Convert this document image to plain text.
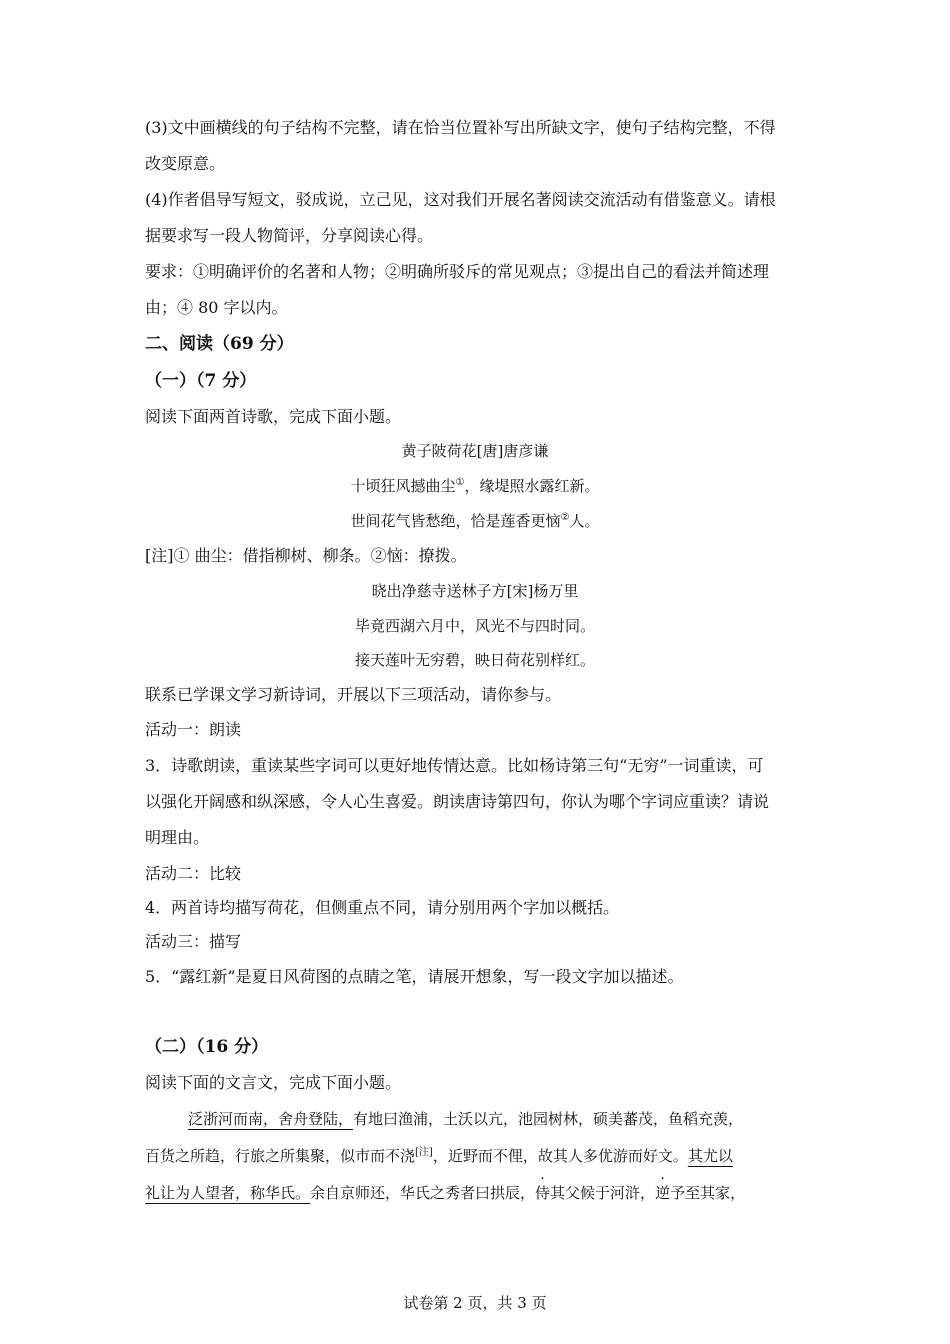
(3)文中画横线的句子结构不完整，请在恰当位置补写出所缺文字，使句子结构完整，不得
改变原意。
(4)作者倡导写短文，驳成说，立己见，这对我们开展名著阅读交流活动有借鉴意义。请根
据要求写一段人物简评，分享阅读心得。
要求：①明确评价的名著和人物；②明确所驳斥的常见观点；③提出自己的看法并简述理
由；④ 80 字以内。
二、阅读（69 分）
（一）（7 分）
阅读下面两首诗歌，完成下面小题。
黄子陂荷花[唐]唐彦谦
十顷狂风撼曲尘①，缘堤照水露红新。
世间花气皆愁绝，恰是莲香更恼②人。
[注]① 曲尘：借指柳树、柳条。②恼：撩拨。
晓出净慈寺送林子方[宋]杨万里
毕竟西湖六月中，风光不与四时同。
接天莲叶无穷碧，映日荷花别样红。
联系已学课文学习新诗词，开展以下三项活动，请你参与。
活动一：朗读
3．诗歌朗读，重读某些字词可以更好地传情达意。比如杨诗第三句“无穷”一词重读，可
以强化开阔感和纵深感，令人心生喜爱。朗读唐诗第四句，你认为哪个字词应重读？请说
明理由。
活动二：比较
4．两首诗均描写荷花，但侧重点不同，请分别用两个字加以概括。
活动三：描写
5．“露红新”是夏日风荷图的点睛之笔，请展开想象，写一段文字加以描述。
（二）（16 分）
阅读下面的文言文，完成下面小题。
泛浙河而南，舍舟登陆，有地曰渔浦，土沃以亢，池园树林，硕美蕃茂，鱼稻充羡，
百货之所趋，行旅之所集聚，似市而不浇[注]，近野而不俚，故其人多优游而好文。其尤以
礼让为人望者，称华氏。余自京师还，华氏之秀者曰拱辰，侍其父候于河浒，逆予至其家，
试卷第 2 页，共 3 页
